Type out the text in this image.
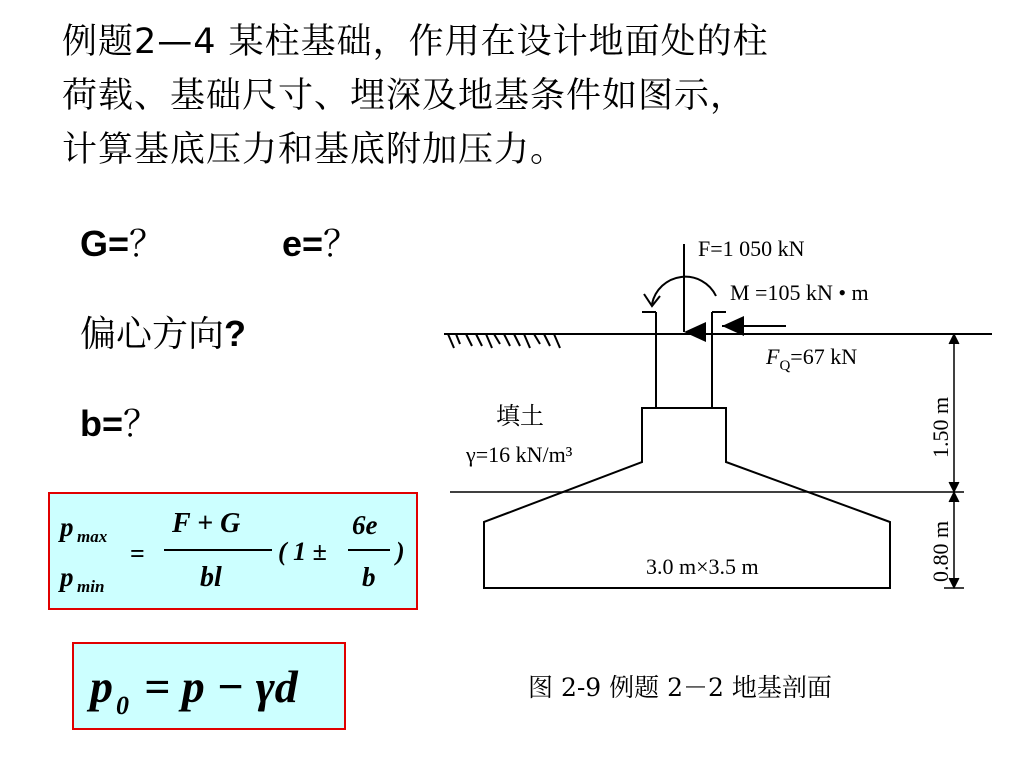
例题2—4 某柱基础，作用在设计地面处的柱
荷载、基础尺寸、埋深及地基条件如图示，
计算基底压力和基底附加压力。
G=？	e=？
偏心方向?
b=？
p max
p min
=
F + G
bl
( 1 ±
6e
b
)
p 0 = p − γd
F=1 050 kN
M =105 kN • m
$F_Q=67$ kN
填土
γ=16 kN/m³
3.0 m×3.5 m
1.50 m
0.80 m
图 2-9 例题 2－2 地基剖面
